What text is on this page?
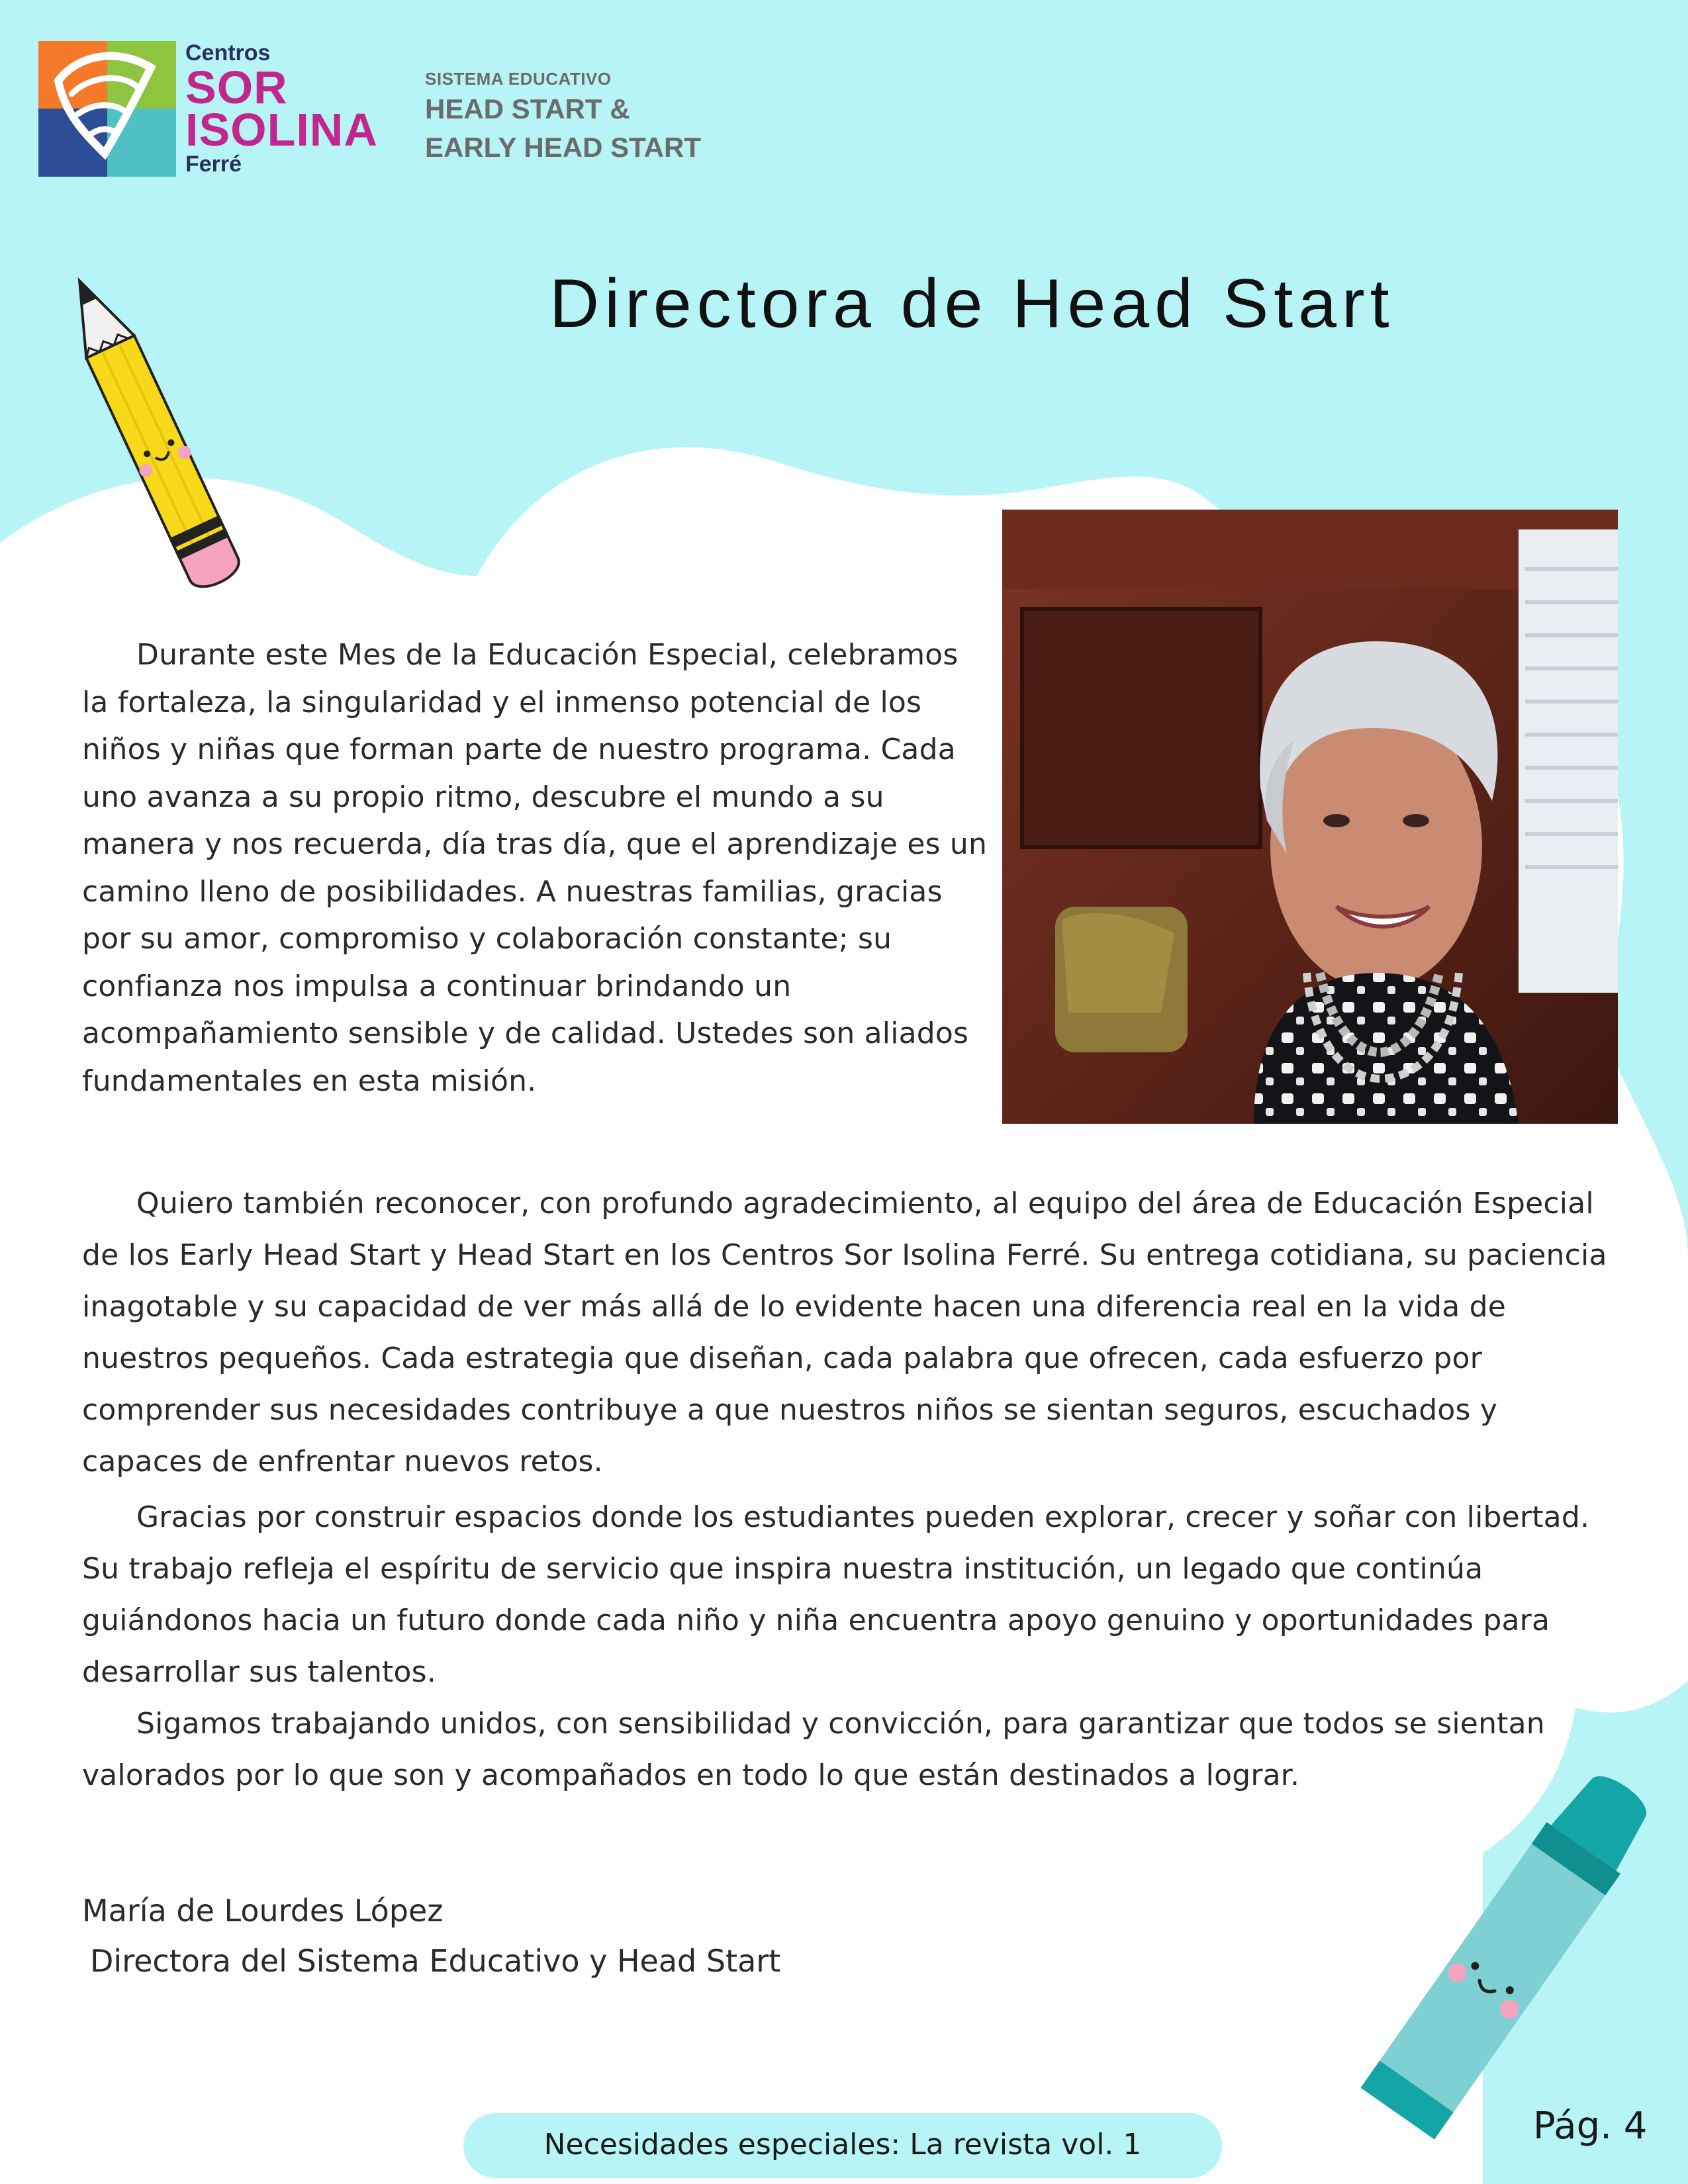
Centros
SOR
ISOLINA
Ferré
SISTEMA EDUCATIVO
HEAD START &
EARLY HEAD START
Directora de Head Start
Durante este Mes de la Educación Especial, celebramos la fortaleza, la singularidad y el inmenso potencial de los niños y niñas que forman parte de nuestro programa. Cada uno avanza a su propio ritmo, descubre el mundo a su manera y nos recuerda, día tras día, que el aprendizaje es un camino lleno de posibilidades. A nuestras familias, gracias por su amor, compromiso y colaboración constante; su confianza nos impulsa a continuar brindando un acompañamiento sensible y de calidad. Ustedes son aliados fundamentales en esta misión.
Quiero también reconocer, con profundo agradecimiento, al equipo del área de Educación Especial de los Early Head Start y Head Start en los Centros Sor Isolina Ferré. Su entrega cotidiana, su paciencia inagotable y su capacidad de ver más allá de lo evidente hacen una diferencia real en la vida de nuestros pequeños. Cada estrategia que diseñan, cada palabra que ofrecen, cada esfuerzo por comprender sus necesidades contribuye a que nuestros niños se sientan seguros, escuchados y capaces de enfrentar nuevos retos.
Gracias por construir espacios donde los estudiantes pueden explorar, crecer y soñar con libertad. Su trabajo refleja el espíritu de servicio que inspira nuestra institución, un legado que continúa guiándonos hacia un futuro donde cada niño y niña encuentra apoyo genuino y oportunidades para desarrollar sus talentos.
Sigamos trabajando unidos, con sensibilidad y convicción, para garantizar que todos se sientan valorados por lo que son y acompañados en todo lo que están destinados a lograr.
María de Lourdes López
Directora del Sistema Educativo y Head Start
Necesidades especiales: La revista vol. 1	Pág. 4
